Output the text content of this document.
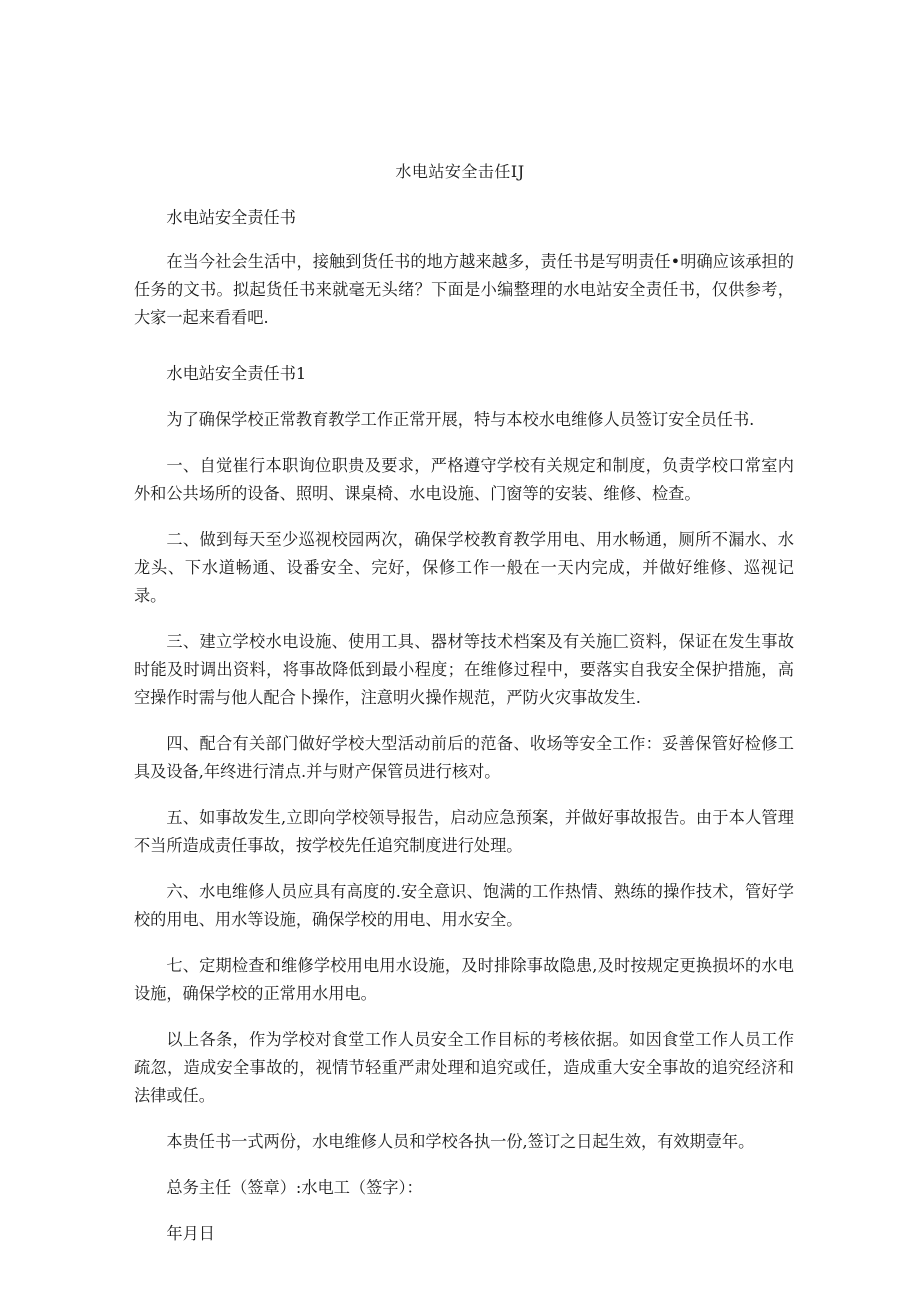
水电站安全击任IJ

水电站安全责任书

在当今社会生活中，接触到货任书的地方越来越多，责任书是写明责任•明确应该承担的任务的文书。拟起货任书来就毫无头绪？下面是小编整理的水电站安全责任书，仅供参考，大家一起来看看吧.

水电站安全责任书1

为了确保学校正常教育教学工作正常开展，特与本校水电维修人员签订安全员任书.

一、自觉崔行本职询位职贵及要求，严格遵守学校有关规定和制度，负责学校口常室内外和公共场所的设备、照明、课桌椅、水电设施、门窗等的安装、维修、检查。

二、做到每天至少巡视校园两次，确保学校教育教学用电、用水畅通，厕所不漏水、水龙头、下水道畅通、设番安全、完好，保修工作一般在一天内完成，并做好维修、巡视记录。

三、建立学校水电设施、使用工具、器材等技术档案及有关施匚资料，保证在发生事故时能及时调出资料，将事故降低到最小程度；在维修过程中，要落实自我安全保护措施，高空操作时需与他人配合卜操作，注意明火操作规范，严防火灾事故发生.

四、配合有关部门做好学校大型活动前后的范备、收场等安全工作：妥善保管好检修工具及设备,年终进行清点.并与财产保管员进行核对。

五、如事故发生,立即向学校领导报告，启动应急预案，并做好事故报告。由于本人管理不当所造成责任事故，按学校先任追究制度进行处理。

六、水电维修人员应具有高度的.安全意识、饱满的工作热情、熟练的操作技术，管好学校的用电、用水等设施，确保学校的用电、用水安全。

七、定期检查和维修学校用电用水设施，及时排除事故隐患,及时按规定更换损坏的水电设施，确保学校的正常用水用电。

以上各条，作为学校对食堂工作人员安全工作目标的考核依据。如因食堂工作人员工作疏忽，造成安全事故的，视情节轻重严肃处理和追究或任，造成重大安全事故的追究经济和法律或任。

本贵任书一式两份，水电维修人员和学校各执一份,签订之日起生效，有效期壹年。

总务主任（签章）:水电工（签字）：

年月日
